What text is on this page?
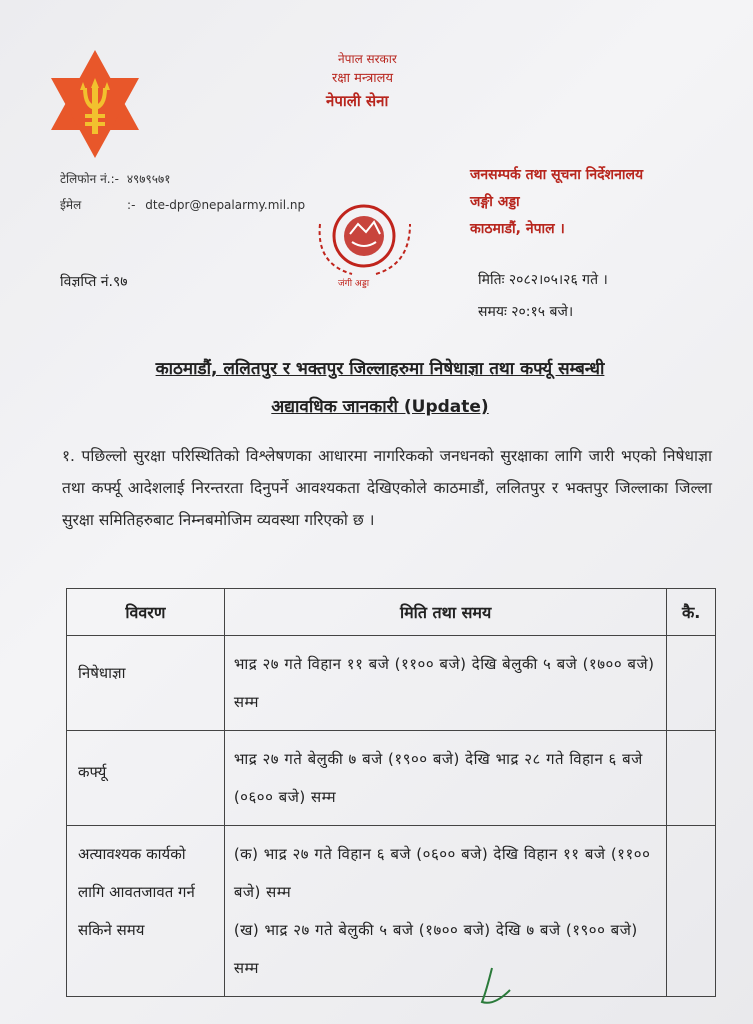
नेपाल सरकार
रक्षा मन्त्रालय
नेपाली सेना
टेलिफोन नं.:- ४९७९५७१
ईमेल	:- dte-dpr@nepalarmy.mil.np
जंगी अड्डा
जनसम्पर्क तथा सूचना निर्देशनालय
जङ्गी अड्डा
काठमाडौं, नेपाल ।
विज्ञप्ति नं.९७	मितिः २०८२।०५।२६ गते ।
समयः २०:१५ बजे।
काठमाडौं, ललितपुर र भक्तपुर जिल्लाहरुमा निषेधाज्ञा तथा कर्फ्यू सम्बन्धी
अद्यावधिक जानकारी (Update)
१. पछिल्लो सुरक्षा परिस्थितिको विश्लेषणका आधारमा नागरिकको जनधनको सुरक्षाका लागि जारी भएको निषेधाज्ञा तथा कर्फ्यू आदेशलाई निरन्तरता दिनुपर्ने आवश्यकता देखिएकोले काठमाडौं, ललितपुर र भक्तपुर जिल्लाका जिल्ला सुरक्षा समितिहरुबाट निम्नबमोजिम व्यवस्था गरिएको छ ।
विवरण	मिति तथा समय	कै.

निषेधाज्ञा	भाद्र २७ गते विहान ११ बजे (११०० बजे) देखि बेलुकी ५ बजे (१७०० बजे) सम्म	

कर्फ्यू	भाद्र २७ गते बेलुकी ७ बजे (१९०० बजे) देखि भाद्र २८ गते विहान ६ बजे (०६०० बजे) सम्म	

अत्यावश्यक कार्यको लागि आवतजावत गर्न सकिने समय	(क) भाद्र २७ गते विहान ६ बजे (०६०० बजे) देखि विहान ११ बजे (११०० बजे) सम्म
(ख) भाद्र २७ गते बेलुकी ५ बजे (१७०० बजे) देखि ७ बजे (१९०० बजे) सम्म	
